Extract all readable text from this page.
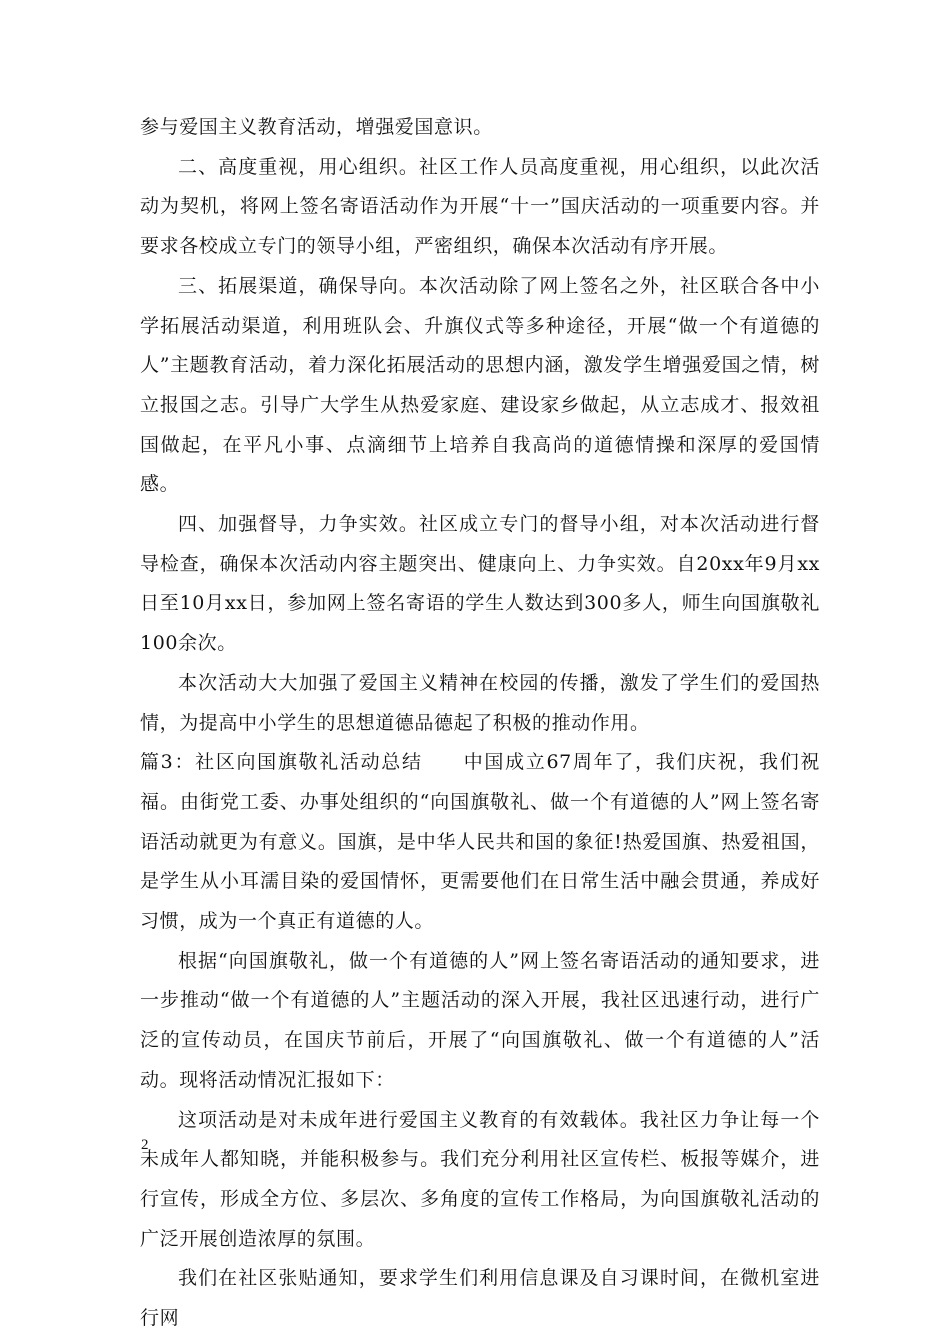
参与爱国主义教育活动，增强爱国意识。

二、高度重视，用心组织。社区工作人员高度重视，用心组织，以此次活动为契机，将网上签名寄语活动作为开展“十一”国庆活动的一项重要内容。并要求各校成立专门的领导小组，严密组织，确保本次活动有序开展。

三、拓展渠道，确保导向。本次活动除了网上签名之外，社区联合各中小学拓展活动渠道，利用班队会、升旗仪式等多种途径，开展“做一个有道德的人”主题教育活动，着力深化拓展活动的思想内涵，激发学生增强爱国之情，树立报国之志。引导广大学生从热爱家庭、建设家乡做起，从立志成才、报效祖国做起，在平凡小事、点滴细节上培养自我高尚的道德情操和深厚的爱国情感。

四、加强督导，力争实效。社区成立专门的督导小组，对本次活动进行督导检查，确保本次活动内容主题突出、健康向上、力争实效。自20xx年9月xx日至10月xx日，参加网上签名寄语的学生人数达到300多人，师生向国旗敬礼100余次。

本次活动大大加强了爱国主义精神在校园的传播，激发了学生们的爱国热情，为提高中小学生的思想道德品德起了积极的推动作用。

篇3：社区向国旗敬礼活动总结 中国成立67周年了，我们庆祝，我们祝福。由街党工委、办事处组织的“向国旗敬礼、做一个有道德的人”网上签名寄语活动就更为有意义。国旗，是中华人民共和国的象征!热爱国旗、热爱祖国，是学生从小耳濡目染的爱国情怀，更需要他们在日常生活中融会贯通，养成好习惯，成为一个真正有道德的人。

根据“向国旗敬礼，做一个有道德的人”网上签名寄语活动的通知要求，进一步推动“做一个有道德的人”主题活动的深入开展，我社区迅速行动，进行广泛的宣传动员，在国庆节前后，开展了“向国旗敬礼、做一个有道德的人”活动。现将活动情况汇报如下：

这项活动是对未成年进行爱国主义教育的有效载体。我社区力争让每一个未成年人都知晓，并能积极参与。我们充分利用社区宣传栏、板报等媒介，进行宣传，形成全方位、多层次、多角度的宣传工作格局，为向国旗敬礼活动的广泛开展创造浓厚的氛围。

我们在社区张贴通知，要求学生们利用信息课及自习课时间，在微机室进行网

2
